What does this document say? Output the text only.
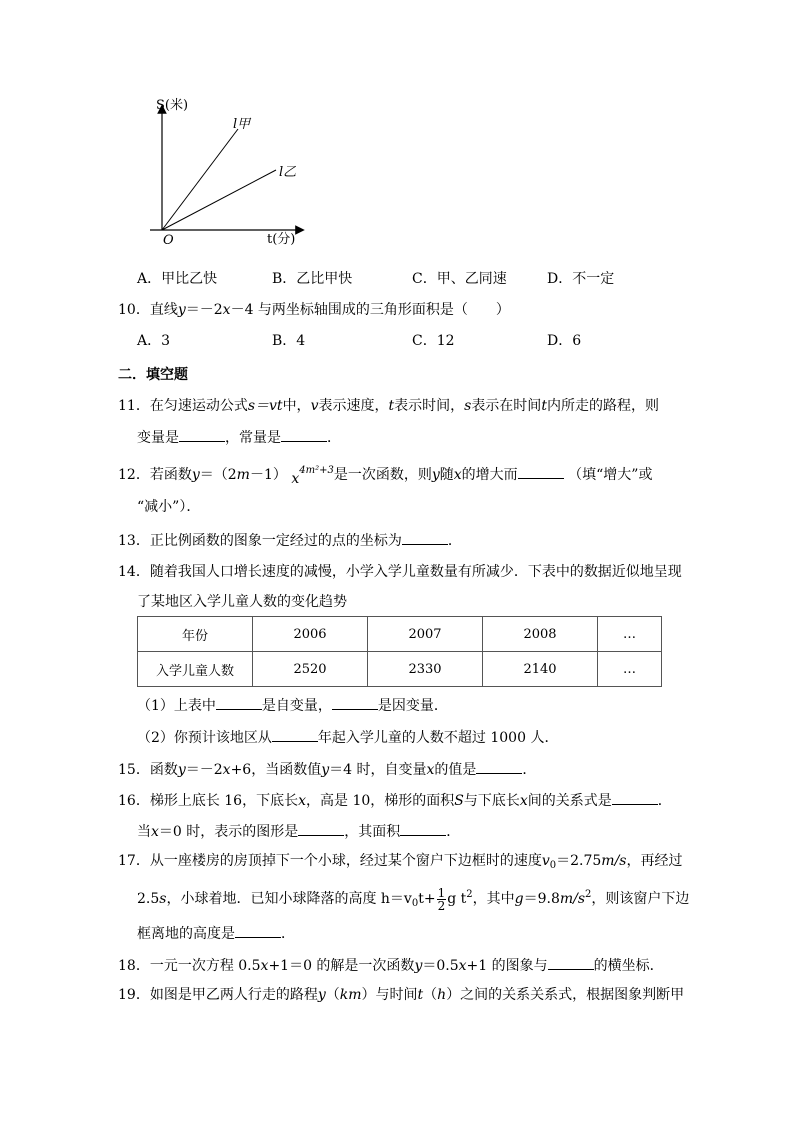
S(米)
l甲
l乙
O	t(分)
A．甲比乙快	B．乙比甲快	C．甲、乙同速	D．不一定
10．直线y＝－2x－4 与两坐标轴围成的三角形面积是（　　）
A．3	B．4	C．12	D．6
二．填空题
11．在匀速运动公式s＝vt中，v表示速度，t表示时间，s表示在时间t内所走的路程，则
变量是	，常量是	．
12．若函数y＝（2m－1） $x^{4m^2+3}$是一次函数，则y随x的增大而	（填“增大”或
“减小”）．
13．正比例函数的图象一定经过的点的坐标为	．
14．随着我国人口增长速度的减慢，小学入学儿童数量有所减少．下表中的数据近似地呈现
了某地区入学儿童人数的变化趋势
年份	2006	2007	2008	…
入学儿童人数	2520	2330	2140	…
（1）上表中	是自变量，	是因变量．
（2）你预计该地区从	年起入学儿童的人数不超过 1000 人．
15．函数y＝－2x+6，当函数值y＝4 时，自变量x的值是	．
16．梯形上底长 16，下底长x，高是 10，梯形的面积S与下底长x间的关系式是	．
当x＝0 时，表示的图形是	，其面积	．
17．从一座楼房的房顶掉下一个小球，经过某个窗户下边框时的速度$v_0=2.75m/s$，再经过
2.5s，小球着地．已知小球降落的高度 $h=v_0t+ \frac{1}{2}$ g $t^2$，其中$g=9.8m/s^2$，则该窗户下边
框离地的高度是	．
18．一元一次方程 0.5x+1＝0 的解是一次函数y＝0.5x+1 的图象与	的横坐标．
19．如图是甲乙两人行走的路程y（km）与时间t（h）之间的关系关系式，根据图象判断甲
